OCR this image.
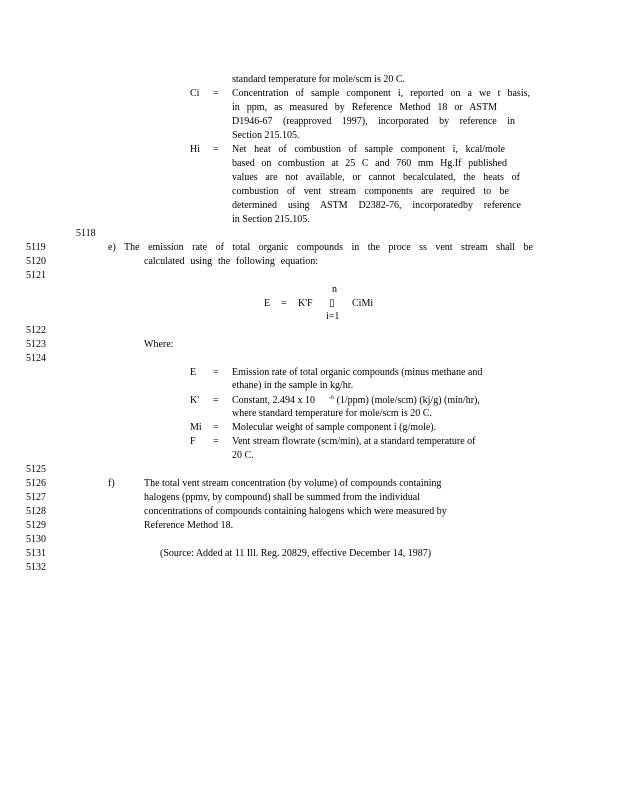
standard temperature for mole/scm is 20 C.
Ci = Concentration of sample component i, reported on a we t basis,
in ppm, as measured by Reference Method 18 or ASTM
D1946-67 (reapproved 1997), incorporated by reference in
Section 215.105.
Hi = Net heat of combustion of sample component i, kcal/mole
based on combustion at 25 C and 760 mm Hg.If published
values are not available, or cannot becalculated, the heats of
combustion of vent stream components are required to be
determined using ASTM D2382-76, incorporatedby reference
in Section 215.105.
5118
5119
5120
5121
5122
5123
5124
5125
5126
5127
5128
5129
5130
5131
5132
e) The emission rate of total organic compounds in the proce ss vent stream shall be
calculated using the following equation:
n
E = K'F ▯ CiMi
i=1
Where:
E = Emission rate of total organic compounds (minus methane and
ethane) in the sample in kg/hr.
K' = Constant, 2.494 x 10 $^{-6}$ (1/ppm) (mole/scm) (kj/g) (min/hr),
where standard temperature for mole/scm is 20 C.
Mi = Molecular weight of sample component i (g/mole).
F = Vent stream flowrate (scm/min), at a standard temperature of
20 C.
f)	The total vent stream concentration (by volume) of compounds containing
halogens (ppmv, by compound) shall be summed from the individual
concentrations of compounds containing halogens which were measured by
Reference Method 18.
(Source: Added at 11 Ill. Reg. 20829, effective December 14, 1987)
